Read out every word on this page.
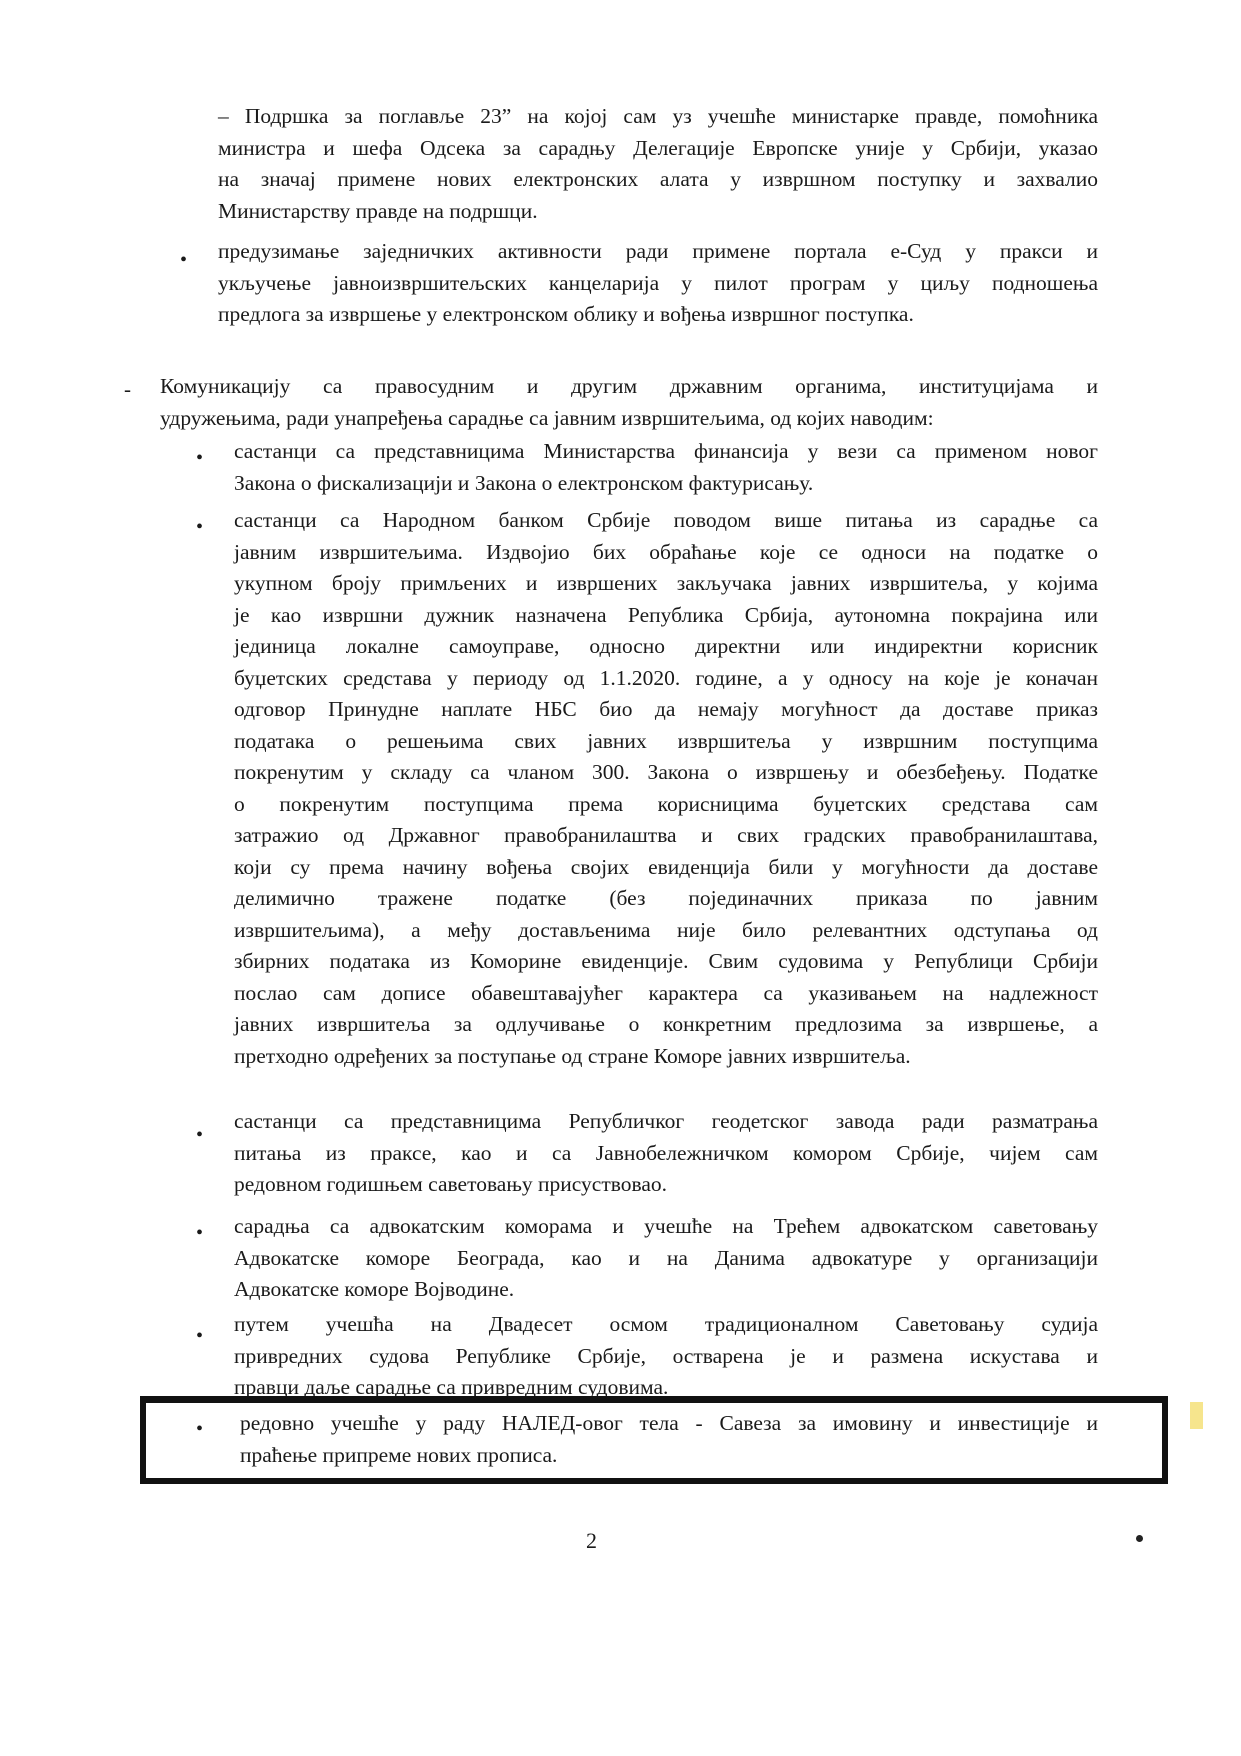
– Подршка за поглавље 23” на којој сам уз учешће министарке правде, помоћника
министра и шефа Одсека за сарадњу Делегације Европске уније у Србији, указао
на значај примене нових електронских алата у извршном поступку и захвалио
Министарству правде на подршци.
• предузимање заједничких активности ради примене портала е-Суд у пракси и
укључење јавноизвршитељских канцеларија у пилот програм у циљу подношења
предлога за извршење у електронском облику и вођења извршног поступка.
- Комуникацију са правосудним и другим државним органима, институцијама и
удружењима, ради унапређења сарадње са јавним извршитељима, од којих наводим:
• састанци са представницима Министарства финансија у вези са применом новог
Закона о фискализацији и Закона о електронском фактурисању.
• састанци са Народном банком Србије поводом више питања из сарадње са
јавним извршитељима. Издвојио бих обраћање које се односи на податке о
укупном броју примљених и извршених закључака јавних извршитеља, у којима
је као извршни дужник назначена Република Србија, аутономна покрајина или
јединица локалне самоуправе, односно директни или индиректни корисник
буџетских средстава у периоду од 1.1.2020. године, а у односу на које је коначан
одговор Принудне наплате НБС био да немају могућност да доставе приказ
података о решењима свих јавних извршитеља у извршним поступцима
покренутим у складу са чланом 300. Закона о извршењу и обезбеђењу. Податке
о покренутим поступцима према корисницима буџетских средстава сам
затражио од Државног правобранилаштва и свих градских правобранилаштава,
који су према начину вођења својих евиденција били у могућности да доставе
делимично тражене податке (без појединачних приказа по јавним
извршитељима), а међу достављенима није било релевантних одступања од
збирних података из Коморине евиденције. Свим судовима у Републици Србији
послао сам дописе обавештавајућег карактера са указивањем на надлежност
јавних извршитеља за одлучивање о конкретним предлозима за извршење, а
претходно одређених за поступање од стране Коморе јавних извршитеља.
•
састанци са представницима Републичког геодетског завода ради разматрања
питања из праксе, као и са Јавнобележничком комором Србије, чијем сам
редовном годишњем саветовању присуствовао.
• сарадња са адвокатским коморама и учешће на Трећем адвокатском саветовању
Адвокатске коморе Београда, као и на Данима адвокатуре у организацији
Адвокатске коморе Војводине.
• путем учешћа на Двадесет осмом традиционалном Саветовању судија
привредних судова Републике Србије, остварена је и размена искустава и
правци даље сарадње са привредним судовима.
• редовно учешће у раду НАЛЕД-овог тела - Савеза за имовину и инвестиције и
праћење припреме нових прописа.
2
